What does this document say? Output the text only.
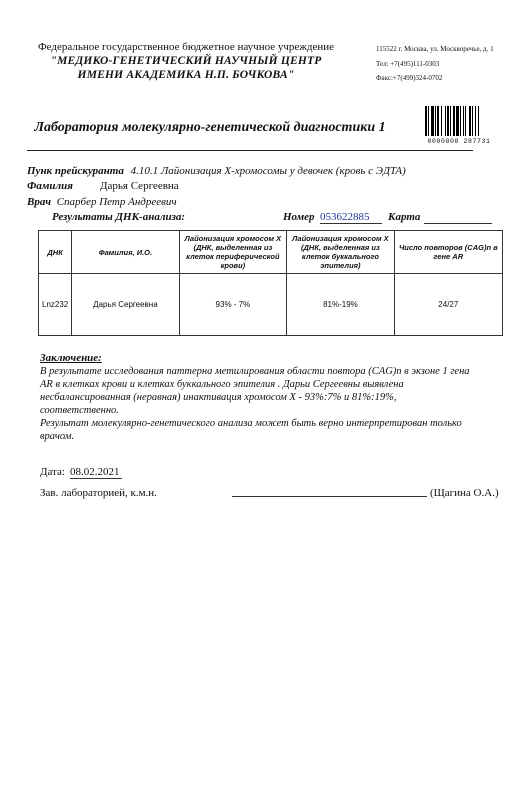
Федеральное государственное бюджетное научное учреждение
"МЕДИКО-ГЕНЕТИЧЕСКИЙ НАУЧНЫЙ ЦЕНТР
ИМЕНИ АКАДЕМИКА Н.П. БОЧКОВА"
115522 г. Москва, ул. Москворечье, д. 1
Тел: +7(495)111-0303
Факс:+7(499)324-0702
Лаборатория молекулярно-генетической диагностики 1
0000008 287731
Пунк прейскуранта 4.10.1 Лайонизация Х-хромосомы у девочек (кровь с ЭДТА)
Фамилия Дарья Сергеевна
Врач Спарбер Петр Андреевич
Результаты ДНК-анализа:	Номер 053622885	Карта
ДНК	Фамилия, И.О.	Лайонизация хромосом Х (ДНК, выделенная из клеток периферической крови)	Лайонизация хромосом Х (ДНК, выделенная из клеток буккального эпителия)	Число повторов (CAG)n в гене AR
Lnz232	Дарья Сергеевна	93% - 7%	81%-19%	24/27
Заключение:
В результате исследования паттерна метилирования области повтора (CAG)n в экзоне 1 гена AR в клетках крови и клетках буккального эпителия . Дарьи Сергеевны выявлена несбалансированная (неравная) инактивация хромосом Х - 93%:7% и 81%:19%, соответственно.
Результат молекулярно-генетического анализа может быть верно интерпретирован только врачом.
Дата: 08.02.2021
Зав. лабораторией, к.м.н.	(Щагина О.А.)
